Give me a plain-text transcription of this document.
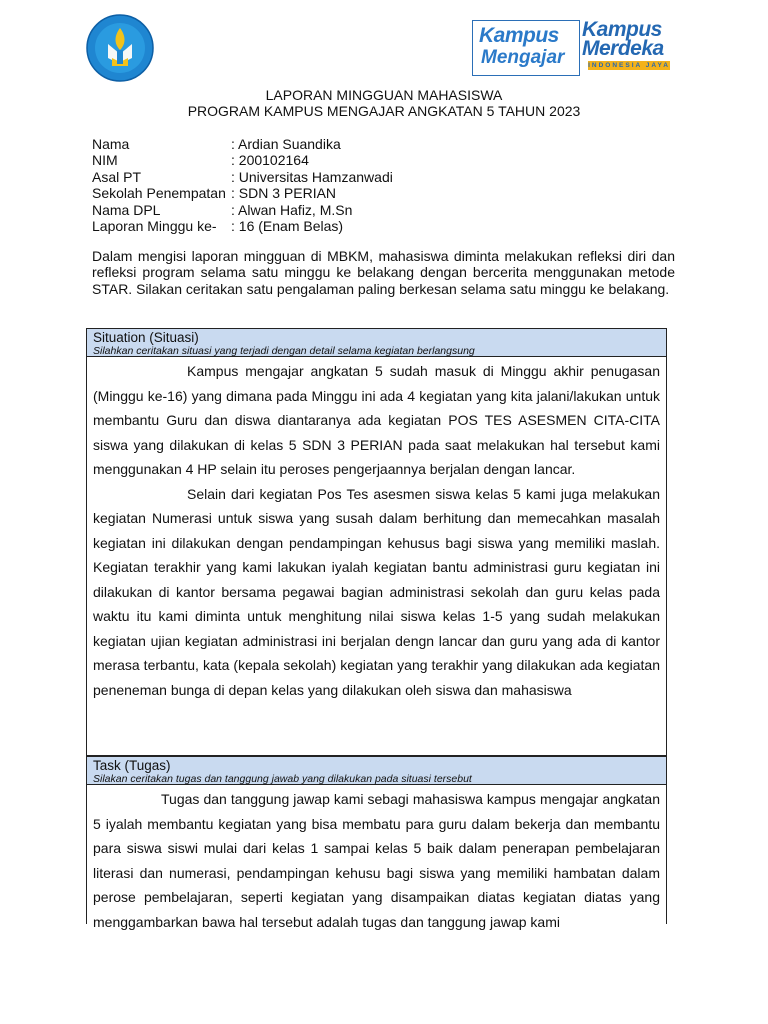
Kampus
Mengajar
Kampus
Merdeka
INDONESIA JAYA
LAPORAN MINGGUAN MAHASISWA
PROGRAM KAMPUS MENGAJAR ANGKATAN 5 TAHUN 2023
Nama	: Ardian Suandika
NIM	: 200102164
Asal PT	: Universitas Hamzanwadi
Sekolah Penempatan : SDN 3 PERIAN
Nama DPL	: Alwan Hafiz, M.Sn
Laporan Minggu ke-	: 16 (Enam Belas)
Dalam mengisi laporan mingguan di MBKM, mahasiswa diminta melakukan refleksi diri dan refleksi program selama satu minggu ke belakang dengan bercerita menggunakan metode STAR. Silakan ceritakan satu pengalaman paling berkesan selama satu minggu ke belakang.
Situation (Situasi)
Silahkan ceritakan situasi yang terjadi dengan detail selama kegiatan berlangsung

Kampus mengajar angkatan 5 sudah masuk di Minggu akhir penugasan (Minggu ke-16) yang dimana pada Minggu ini ada 4 kegiatan yang kita jalani/lakukan untuk membantu Guru dan diswa diantaranya ada kegiatan POS TES ASESMEN CITA-CITA siswa yang dilakukan di kelas 5 SDN 3 PERIAN pada saat melakukan hal tersebut kami menggunakan 4 HP selain itu peroses pengerjaannya berjalan dengan lancar.

Selain dari kegiatan Pos Tes asesmen siswa kelas 5 kami juga melakukan kegiatan Numerasi untuk siswa yang susah dalam berhitung dan memecahkan masalah kegiatan ini dilakukan dengan pendampingan kehusus bagi siswa yang memiliki maslah. Kegiatan terakhir yang kami lakukan iyalah kegiatan bantu administrasi guru kegiatan ini dilakukan di kantor bersama pegawai bagian administrasi sekolah dan guru kelas pada waktu itu kami diminta untuk menghitung nilai siswa kelas 1-5 yang sudah melakukan kegiatan ujian kegiatan administrasi ini berjalan dengn lancar dan guru yang ada di kantor merasa terbantu, kata (kepala sekolah) kegiatan yang terakhir yang dilakukan ada kegiatan peneneman bunga di depan kelas yang dilakukan oleh siswa dan mahasiswa

Task (Tugas)
Silakan ceritakan tugas dan tanggung jawab yang dilakukan pada situasi tersebut

Tugas dan tanggung jawap kami sebagi mahasiswa kampus mengajar angkatan 5 iyalah membantu kegiatan yang bisa membatu para guru dalam bekerja dan membantu para siswa siswi mulai dari kelas 1 sampai kelas 5 baik dalam penerapan pembelajaran literasi dan numerasi, pendampingan kehusu bagi siswa yang memiliki hambatan dalam perose pembelajaran, seperti kegiatan yang disampaikan diatas kegiatan diatas yang menggambarkan bawa hal tersebut adalah tugas dan tanggung jawap kami
